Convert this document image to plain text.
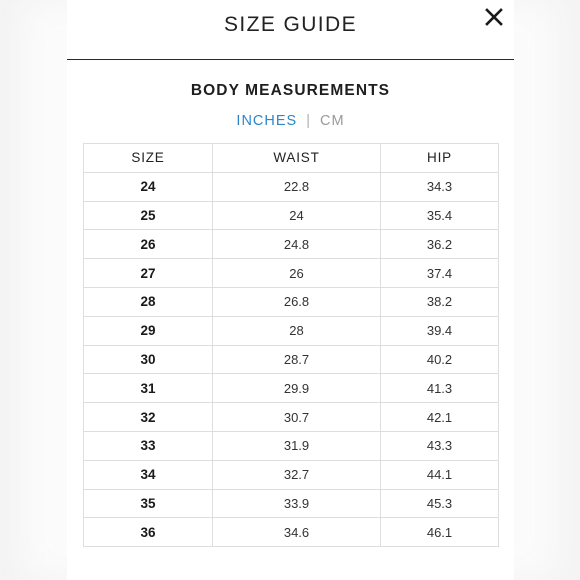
SIZE GUIDE
BODY MEASUREMENTS
INCHES | CM
SIZE	WAIST	HIP
24	22.8	34.3
25	24	35.4
26	24.8	36.2
27	26	37.4
28	26.8	38.2
29	28	39.4
30	28.7	40.2
31	29.9	41.3
32	30.7	42.1
33	31.9	43.3
34	32.7	44.1
35	33.9	45.3
36	34.6	46.1
